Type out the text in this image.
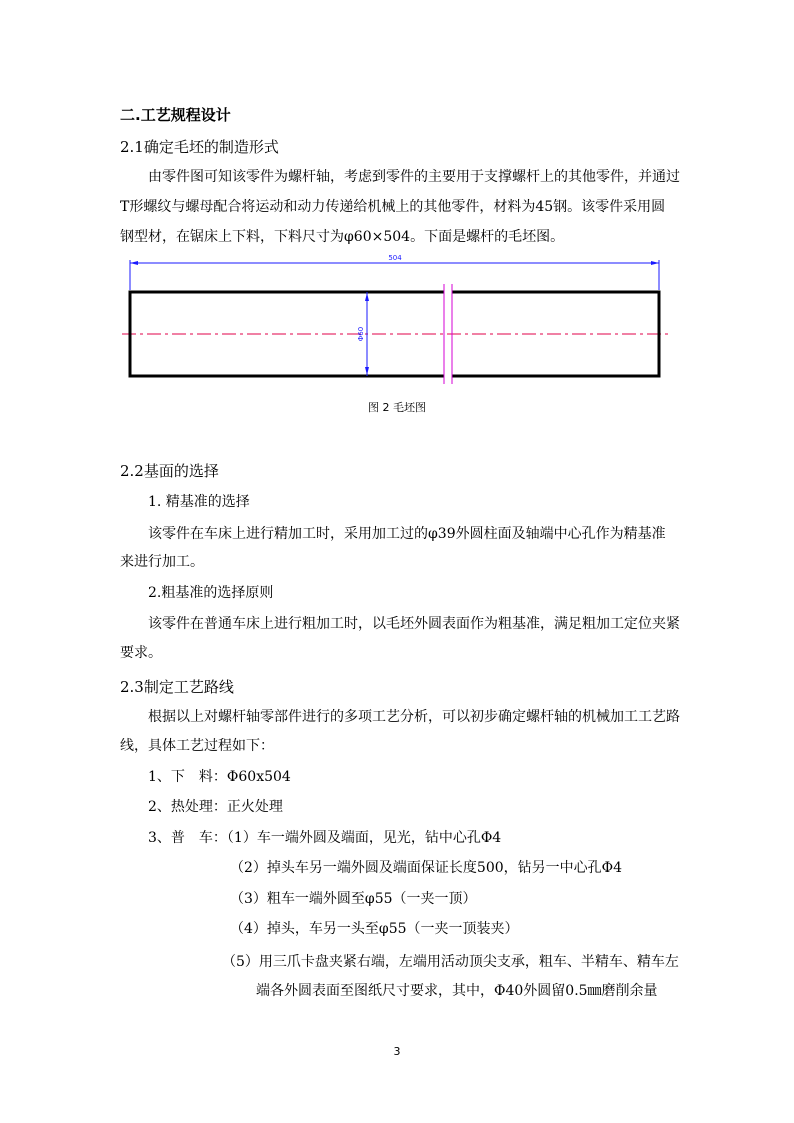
二.工艺规程设计
2.1确定毛坯的制造形式
由零件图可知该零件为螺杆轴，考虑到零件的主要用于支撑螺杆上的其他零件，并通过
T形螺纹与螺母配合将运动和动力传递给机械上的其他零件，材料为45钢。该零件采用圆
钢型材，在锯床上下料，下料尺寸为φ60×504。下面是螺杆的毛坯图。
504
Φ60
图 2 毛坯图
2.2基面的选择
1. 精基准的选择
该零件在车床上进行精加工时，采用加工过的φ39外圆柱面及轴端中心孔作为精基准
来进行加工。
2.粗基准的选择原则
该零件在普通车床上进行粗加工时，以毛坯外圆表面作为粗基准，满足粗加工定位夹紧
要求。
2.3制定工艺路线
根据以上对螺杆轴零部件进行的多项工艺分析，可以初步确定螺杆轴的机械加工工艺路
线，具体工艺过程如下：
1、下　料：Φ60x504
2、热处理：正火处理
3、普　车：（1）车一端外圆及端面，见光，钻中心孔Φ4
（2）掉头车另一端外圆及端面保证长度500，钻另一中心孔Φ4
（3）粗车一端外圆至φ55（一夹一顶）
（4）掉头，车另一头至φ55（一夹一顶装夹）
（5）用三爪卡盘夹紧右端，左端用活动顶尖支承，粗车、半精车、精车左
端各外圆表面至图纸尺寸要求，其中，Φ40外圆留0.5㎜磨削余量
3
